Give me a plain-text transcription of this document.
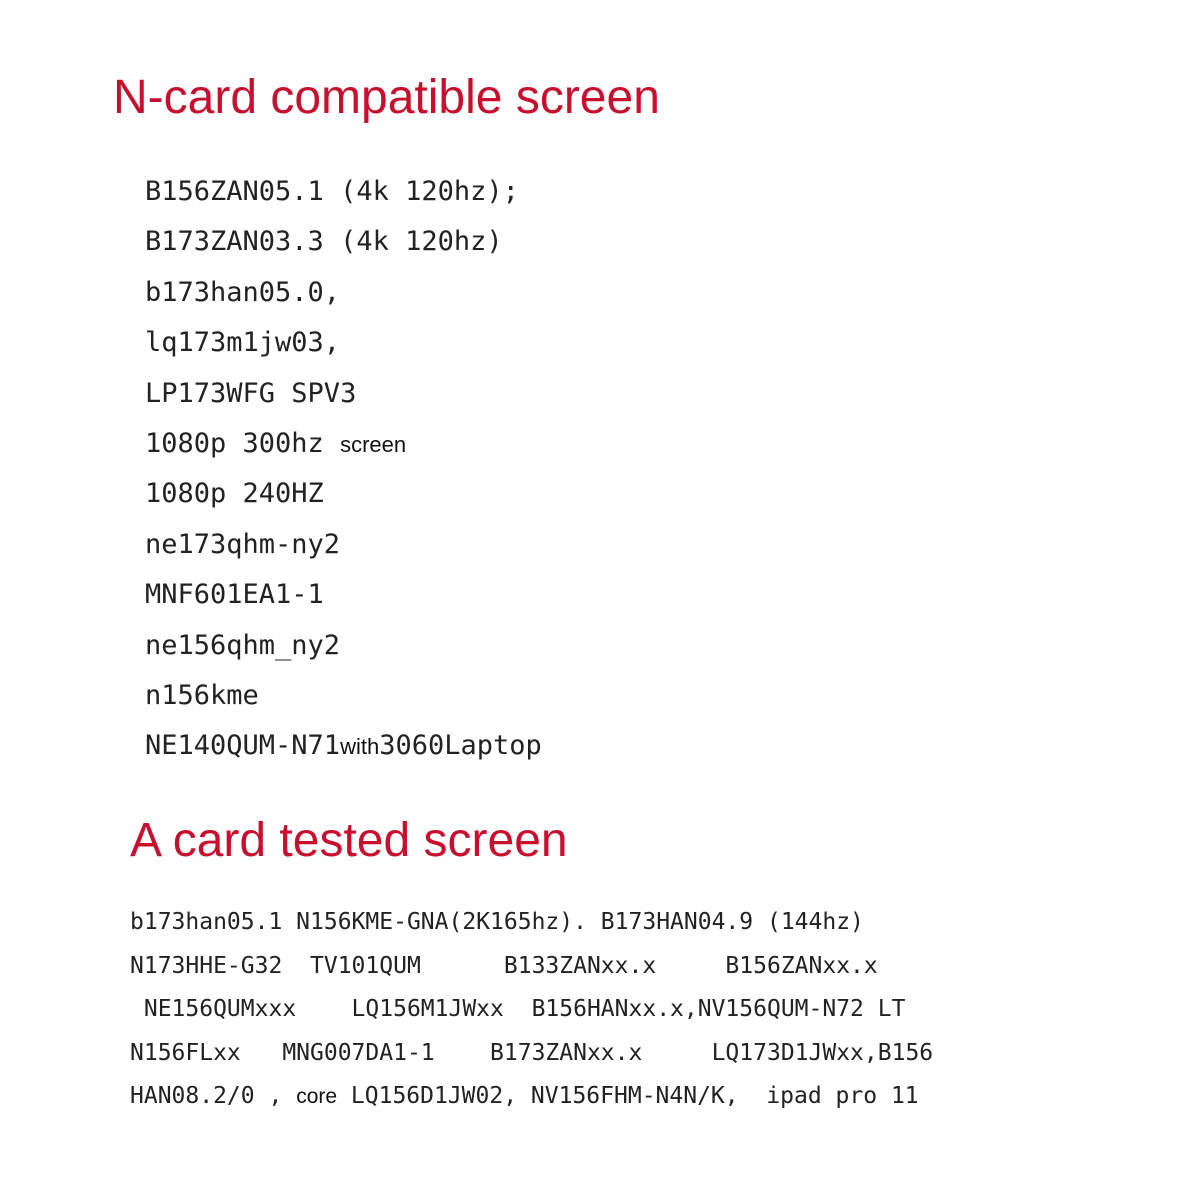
N-card compatible screen
B156ZAN05.1 (4k 120hz);
B173ZAN03.3 (4k 120hz)
b173han05.0,
lq173m1jw03,
LP173WFG SPV3
1080p 300hz screen
1080p 240HZ
ne173qhm-ny2
MNF601EA1-1
ne156qhm_ny2
n156kme
NE140QUM-N71with3060Laptop
A card tested screen
b173han05.1 N156KME-GNA(2K165hz). B173HAN04.9 (144hz)
N173HHE-G32  TV101QUM      B133ZANxx.x     B156ZANxx.x
NE156QUMxxx    LQ156M1JWxx  B156HANxx.x,NV156QUM-N72 LT
N156FLxx   MNG007DA1-1    B173ZANxx.x     LQ173D1JWxx,B156
HAN08.2/0 , core LQ156D1JW02, NV156FHM-N4N/K,  ipad pro 11
